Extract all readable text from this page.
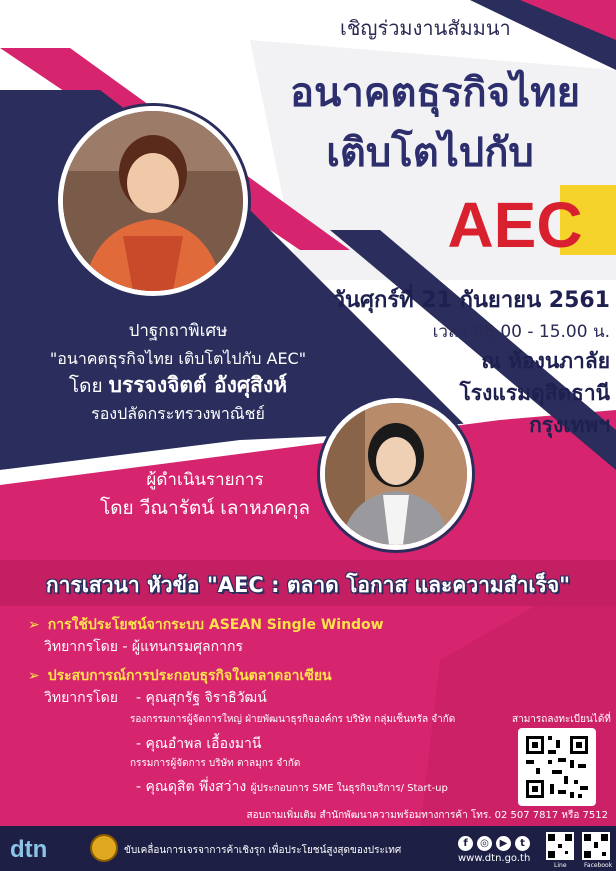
เชิญร่วมงานสัมมนา
อนาคตธุรกิจไทย
เติบโตไปกับ
AEC
วันศุกร์ที่ 21 กันยายน 2561
เวลา 08.00 - 15.00 น.
ณ ห้องนภาลัย
โรงแรมดุสิตธานี
กรุงเทพฯ
ปาฐกถาพิเศษ
"อนาคตธุรกิจไทย เติบโตไปกับ AEC"
โดย บรรจงจิตต์ อังศุสิงห์
รองปลัดกระทรวงพาณิชย์
ผู้ดำเนินรายการ
โดย วีณารัตน์ เลาหภคกุล
การเสวนา หัวข้อ "AEC : ตลาด โอกาส และความสำเร็จ"
➢ การใช้ประโยชน์จากระบบ ASEAN Single Window
วิทยากรโดย - ผู้แทนกรมศุลกากร
➢ ประสบการณ์การประกอบธุรกิจในตลาดอาเซียน
วิทยากรโดย - คุณสุกรัฐ จิราธิวัฒน์
รองกรรมการผู้จัดการใหญ่ ฝ่ายพัฒนาธุรกิจองค์กร บริษัท กลุ่มเซ็นทรัล จำกัด
- คุณอำพล เอื้องมานี
กรรมการผู้จัดการ บริษัท ตาลมุกร จำกัด
- คุณดุสิต พึ่งสว่าง ผู้ประกอบการ SME ในธุรกิจบริการ/ Start-up
สามารถลงทะเบียนได้ที่
สอบถามเพิ่มเติม สำนักพัฒนาความพร้อมทางการค้า โทร. 02 507 7817 หรือ 7512
dtn	ขับเคลื่อนการเจรจาการค้าเชิงรุก เพื่อประโยชน์สูงสุดของประเทศ
f	◎	▶	t
www.dtn.go.th
Line	Facebook
